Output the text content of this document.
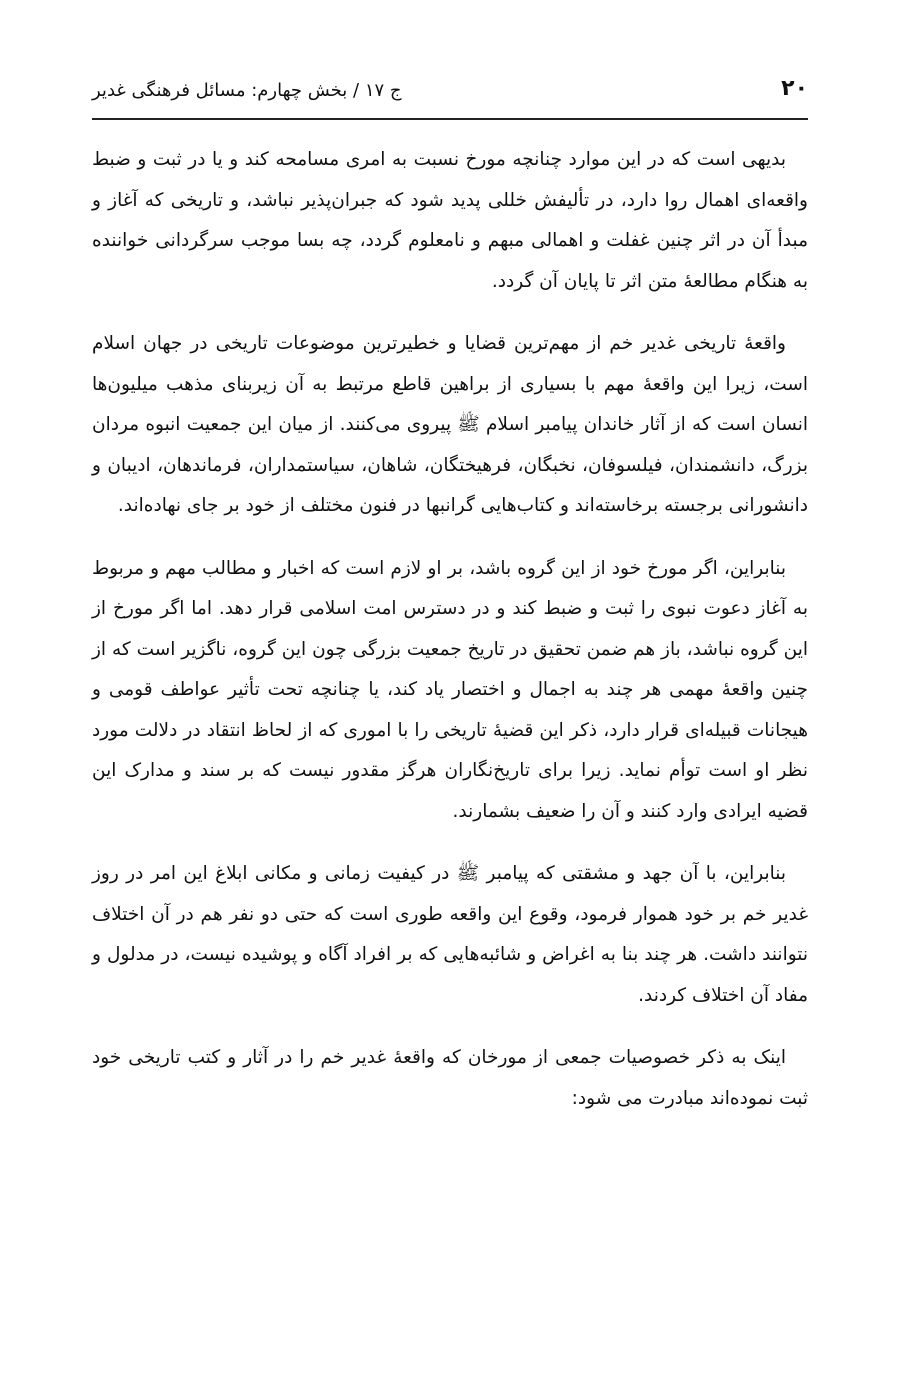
۲۰
ج ۱۷ / بخش چهارم: مسائل فرهنگی غدیر

بدیهی است که در این موارد چنانچه مورخ نسبت به امری مسامحه کند و یا در ثبت و ضبط واقعه‌ای اهمال روا دارد، در تألیفش خللی پدید شود که جبران‌پذیر نباشد، و تاریخی که آغاز و مبدأ آن در اثر چنین غفلت و اهمالی مبهم و نامعلوم گردد، چه بسا موجب سرگردانی خواننده به هنگام مطالعهٔ متن اثر تا پایان آن گردد.

واقعهٔ تاریخی غدیر خم از مهم‌ترین قضایا و خطیرترین موضوعات تاریخی در جهان اسلام است، زیرا این واقعهٔ مهم با بسیاری از براهین قاطع مرتبط به آن زیربنای مذهب میلیون‌ها انسان است که از آثار خاندان پیامبر اسلام ﷺ پیروی می‌کنند. از میان این جمعیت انبوه مردان بزرگ، دانشمندان، فیلسوفان، نخبگان، فرهیختگان، شاهان، سیاستمداران، فرماندهان، ادیبان و دانشورانی برجسته برخاسته‌اند و کتاب‌هایی گرانبها در فنون مختلف از خود بر جای نهاده‌اند.

بنابراین، اگر مورخ خود از این گروه باشد، بر او لازم است که اخبار و مطالب مهم و مربوط به آغاز دعوت نبوی را ثبت و ضبط کند و در دسترس امت اسلامی قرار دهد. اما اگر مورخ از این گروه نباشد، باز هم ضمن تحقیق در تاریخ جمعیت بزرگی چون این گروه، ناگزیر است که از چنین واقعهٔ مهمی هر چند به اجمال و اختصار یاد کند، یا چنانچه تحت تأثیر عواطف قومی و هیجانات قبیله‌ای قرار دارد، ذکر این قضیهٔ تاریخی را با اموری که از لحاظ انتقاد در دلالت مورد نظر او است توأم نماید. زیرا برای تاریخ‌نگاران هرگز مقدور نیست که بر سند و مدارک این قضیه ایرادی وارد کنند و آن را ضعیف بشمارند.

بنابراین، با آن جهد و مشقتی که پیامبر ﷺ در کیفیت زمانی و مکانی ابلاغ این امر در روز غدیر خم بر خود هموار فرمود، وقوع این واقعه طوری است که حتی دو نفر هم در آن اختلاف نتوانند داشت. هر چند بنا به اغراض و شائبه‌هایی که بر افراد آگاه و پوشیده نیست، در مدلول و مفاد آن اختلاف کردند.

اینک به ذکر خصوصیات جمعی از مورخان که واقعهٔ غدیر خم را در آثار و کتب تاریخی خود ثبت نموده‌اند مبادرت می شود:
